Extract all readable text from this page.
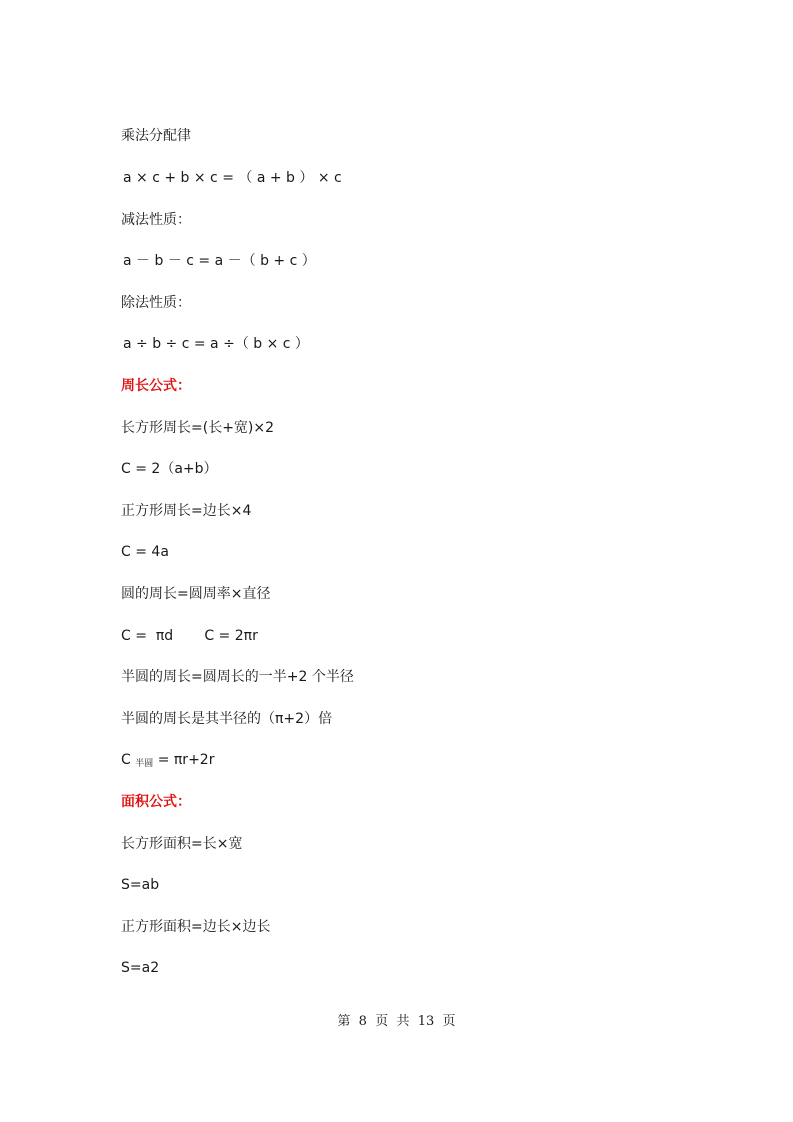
乘法分配律
a × c + b × c = （ a + b ） × c
减法性质：
a － b － c = a －（ b + c ）
除法性质：
a ÷ b ÷ c = a ÷（ b × c ）
周长公式：
长方形周长=(长+宽)×2
C = 2（a+b）
正方形周长=边长×4
C = 4a
圆的周长=圆周率×直径
C =  πd       C = 2πr
半圆的周长=圆周长的一半+2 个半径
半圆的周长是其半径的（π+2）倍
C $_{半圆}$ = πr+2r
面积公式：
长方形面积=长×宽
S=ab
正方形面积=边长×边长
S=a2
第  8  页  共  13  页
